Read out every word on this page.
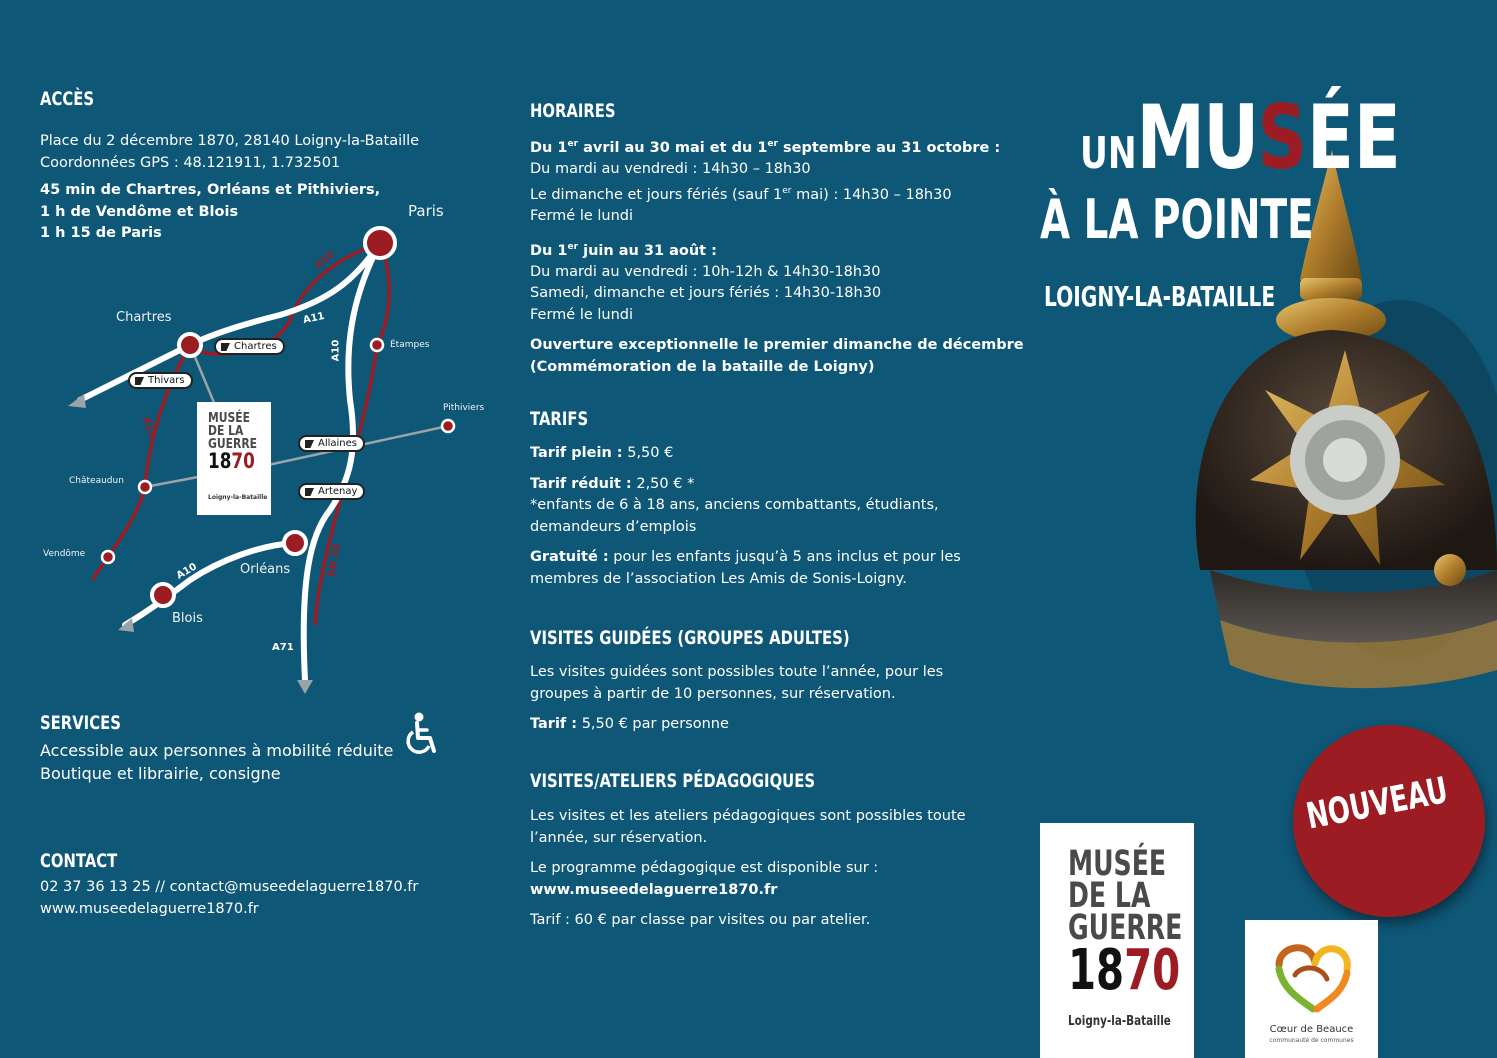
ACCÈS
Place du 2 décembre 1870, 28140 Loigny-la-Bataille
Coordonnées GPS : 48.121911, 1.732501
45 min de Chartres, Orléans et Pithiviers,
1 h de Vendôme et Blois
1 h 15 de Paris
Paris
Chartres
Châteaudun
Vendôme
Orléans
Blois
Étampes
Pithiviers
A10
A11
A10
A10
A10
A71
RN 20
Chartres
Thivars
Allaines
Artenay
MUSÉE
DE LA
GUERRE
1870
Loigny-la-Bataille
SERVICES
Accessible aux personnes à mobilité réduite
Boutique et librairie, consigne
CONTACT
02 37 36 13 25 // contact@museedelaguerre1870.fr
www.museedelaguerre1870.fr
HORAIRES
Du 1er avril au 30 mai et du 1er septembre au 31 octobre :
Du mardi au vendredi : 14h30 – 18h30
Le dimanche et jours fériés (sauf 1er mai) : 14h30 – 18h30
Fermé le lundi
Du 1er juin au 31 août :
Du mardi au vendredi : 10h-12h & 14h30-18h30
Samedi, dimanche et jours fériés : 14h30-18h30
Fermé le lundi
Ouverture exceptionnelle le premier dimanche de décembre
(Commémoration de la bataille de Loigny)
TARIFS
Tarif plein : 5,50 €
Tarif réduit : 2,50 € *
*enfants de 6 à 18 ans, anciens combattants, étudiants,
demandeurs d’emplois
Gratuité : pour les enfants jusqu’à 5 ans inclus et pour les
membres de l’association Les Amis de Sonis-Loigny.
VISITES GUIDÉES (GROUPES ADULTES)
Les visites guidées sont possibles toute l’année, pour les
groupes à partir de 10 personnes, sur réservation.
Tarif : 5,50 € par personne
VISITES/ATELIERS PÉDAGOGIQUES
Les visites et les ateliers pédagogiques sont possibles toute
l’année, sur réservation.
Le programme pédagogique est disponible sur :
www.museedelaguerre1870.fr
Tarif : 60 € par classe par visites ou par atelier.
UNMUSÉE
À LA POINTE
LOIGNY-LA-BATAILLE
NOUVEAU
MUSÉE
DE LA
GUERRE
1870
Loigny-la-Bataille
Cœur de Beauce
communauté de communes
